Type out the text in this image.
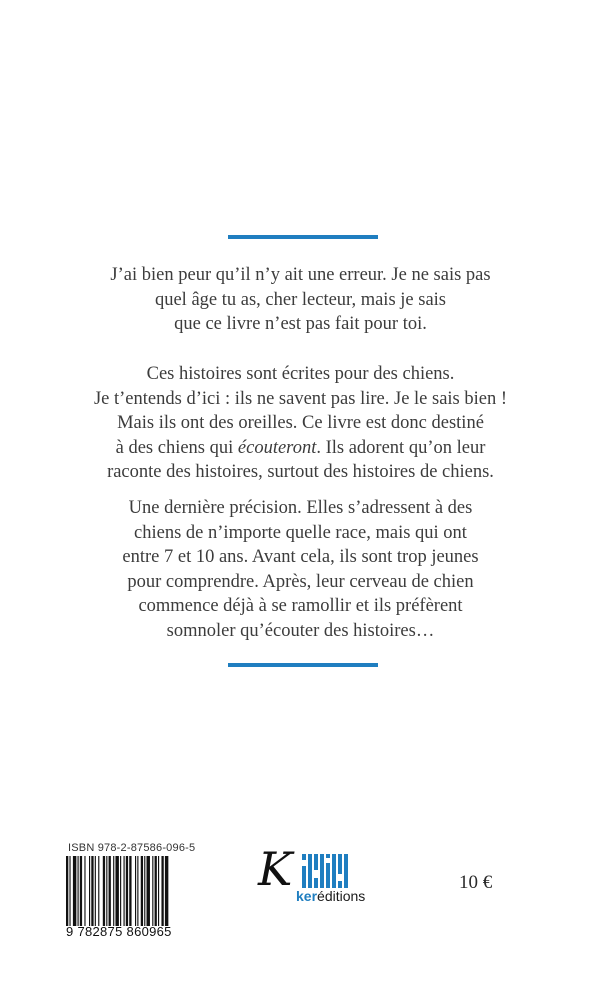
J’ai bien peur qu’il n’y ait une erreur. Je ne sais pas
quel âge tu as, cher lecteur, mais je sais
que ce livre n’est pas fait pour toi.

Ces histoires sont écrites pour des chiens.
Je t’entends d’ici : ils ne savent pas lire. Je le sais bien !
Mais ils ont des oreilles. Ce livre est donc destiné
à des chiens qui écouteront. Ils adorent qu’on leur
raconte des histoires, surtout des histoires de chiens.

Une dernière précision. Elles s’adressent à des
chiens de n’importe quelle race, mais qui ont
entre 7 et 10 ans. Avant cela, ils sont trop jeunes
pour comprendre. Après, leur cerveau de chien
commence déjà à se ramollir et ils préfèrent
somnoler qu’écouter des histoires…

ISBN 978-2-87586-096-5
9 782875 860965
K keréditions
10 €
